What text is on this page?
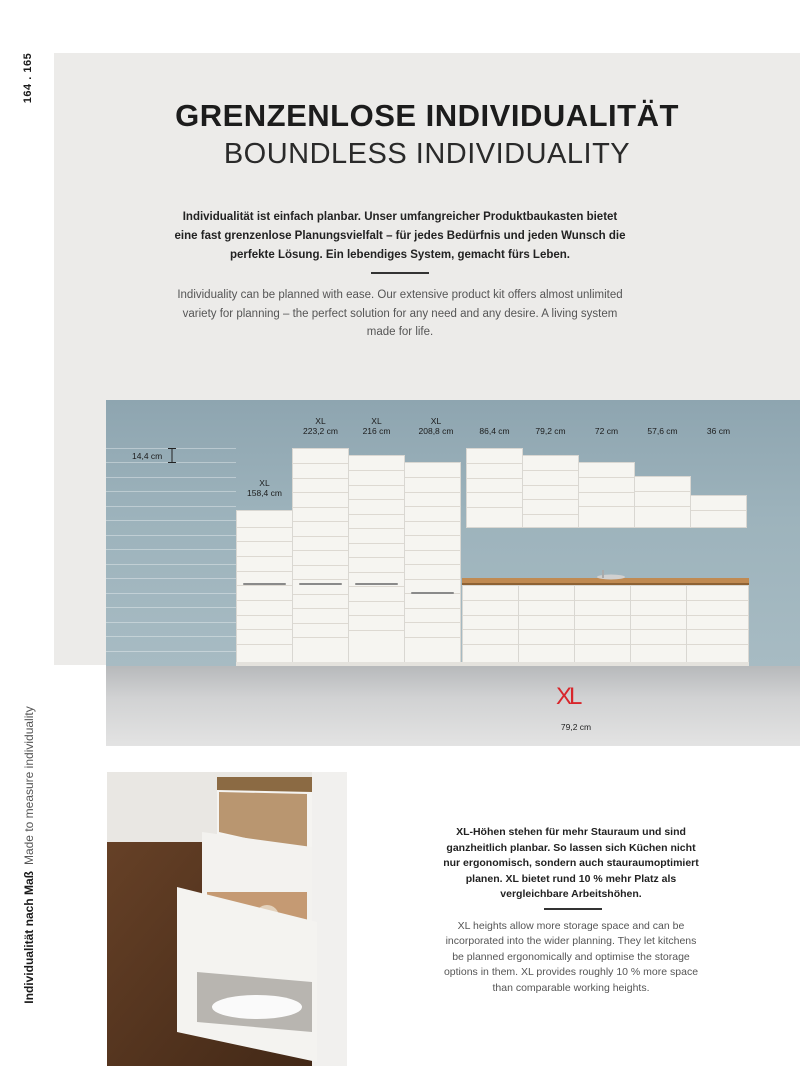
164 . 165
Individualität nach MaßMade to measure individuality
GRENZENLOSE INDIVIDUALITÄT
BOUNDLESS INDIVIDUALITY

Individualität ist einfach planbar. Unser umfangreicher Produktbaukasten bietet eine fast grenzenlose Planungsvielfalt – für jedes Bedürfnis und jeden Wunsch die perfekte Lösung. Ein lebendiges System, gemacht fürs Leben.

Individuality can be planned with ease. Our extensive product kit offers almost unlimited variety for planning – the perfect solution for any need and any desire. A living system made for life.

14,4 cm
XL
158,4 cm
XL
223,2 cm
XL
216 cm
XL
208,8 cm	86,4 cm	79,2 cm	72 cm	57,6 cm	36 cm
XL
79,2 cm

XL-Höhen stehen für mehr Stauraum und sind ganzheitlich planbar. So lassen sich Küchen nicht nur ergonomisch, sondern auch stauraumoptimiert planen. XL bietet rund 10 % mehr Platz als vergleichbare Arbeitshöhen.

XL heights allow more storage space and can be incorporated into the wider planning. They let kitchens be planned ergonomically and optimise the storage options in them. XL provides roughly 10 % more space than comparable working heights.
